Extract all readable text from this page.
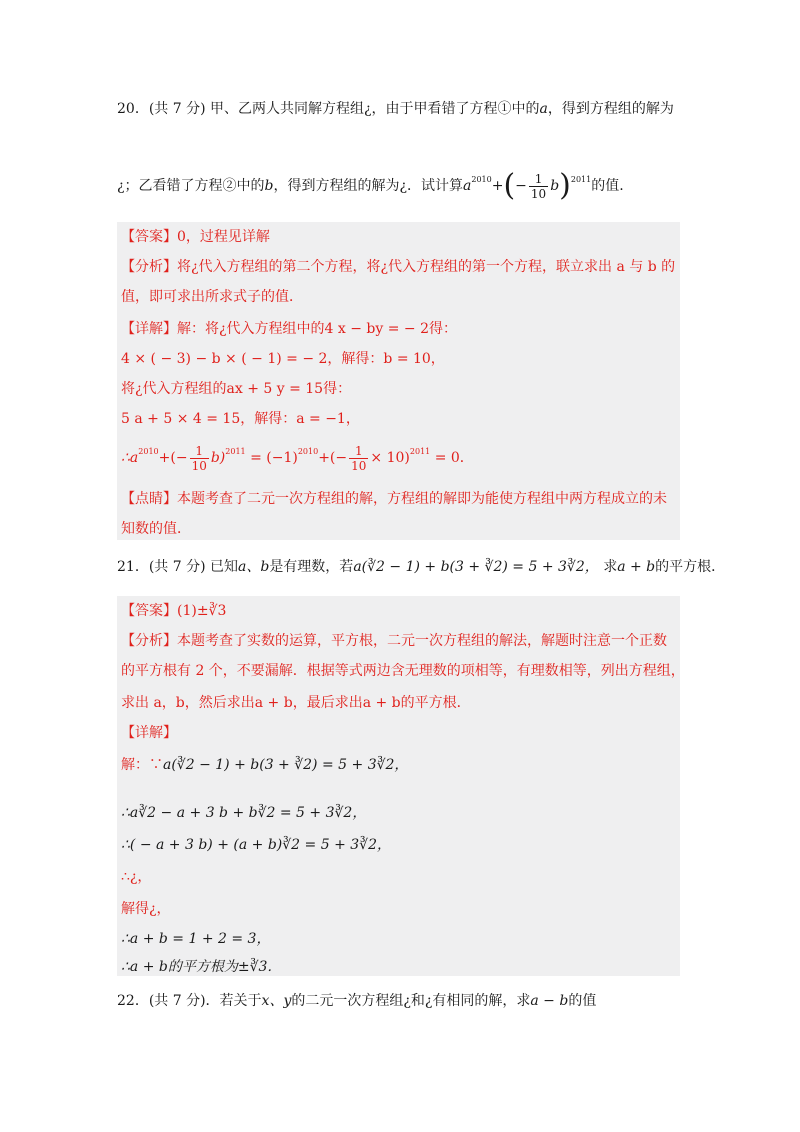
20．(共 7 分) 甲、乙两人共同解方程组¿，由于甲看错了方程①中的a，得到方程组的解为
¿；乙看错了方程②中的b，得到方程组的解为¿．试计算$a^{2010}+(- \frac{1}{10} b)^{2011}$的值.
【答案】0，过程见详解
【分析】将¿代入方程组的第二个方程，将¿代入方程组的第一个方程，联立求出 a 与 b 的
值，即可求出所求式子的值．
【详解】解：将¿代入方程组中的4 x − by = − 2得：
4 × ( − 3) − b × ( − 1) = − 2，解得：b = 10，
将¿代入方程组的ax + 5 y = 15得：
5 a + 5 × 4 = 15，解得：a = −1，
$\therefore a^{2010}+(- \frac{1}{10} b)^{2011} = (-1)^{2010}+(- \frac{1}{10} \times 10)^{2011} = 0$．
【点睛】本题考查了二元一次方程组的解，方程组的解即为能使方程组中两方程成立的未
知数的值．
21．(共 7 分) 已知a、b是有理数，若a(∛2 − 1) + b(3 + ∛2) = 5 + 3∛2， 求a + b的平方根．
【答案】(1)±∛3
【分析】本题考查了实数的运算，平方根，二元一次方程组的解法，解题时注意一个正数
的平方根有 2 个，不要漏解．根据等式两边含无理数的项相等，有理数相等，列出方程组，
求出 a，b，然后求出a + b，最后求出a + b的平方根．
【详解】
解：∵a(∛2 − 1) + b(3 + ∛2) = 5 + 3∛2，
∴a∛2 − a + 3 b + b∛2 = 5 + 3∛2，
∴( − a + 3 b) + (a + b)∛2 = 5 + 3∛2，
∴¿，
解得¿，
∴a + b = 1 + 2 = 3，
∴a + b的平方根为±∛3．
22．(共 7 分)．若关于x、y的二元一次方程组¿和¿有相同的解，求a − b的值
